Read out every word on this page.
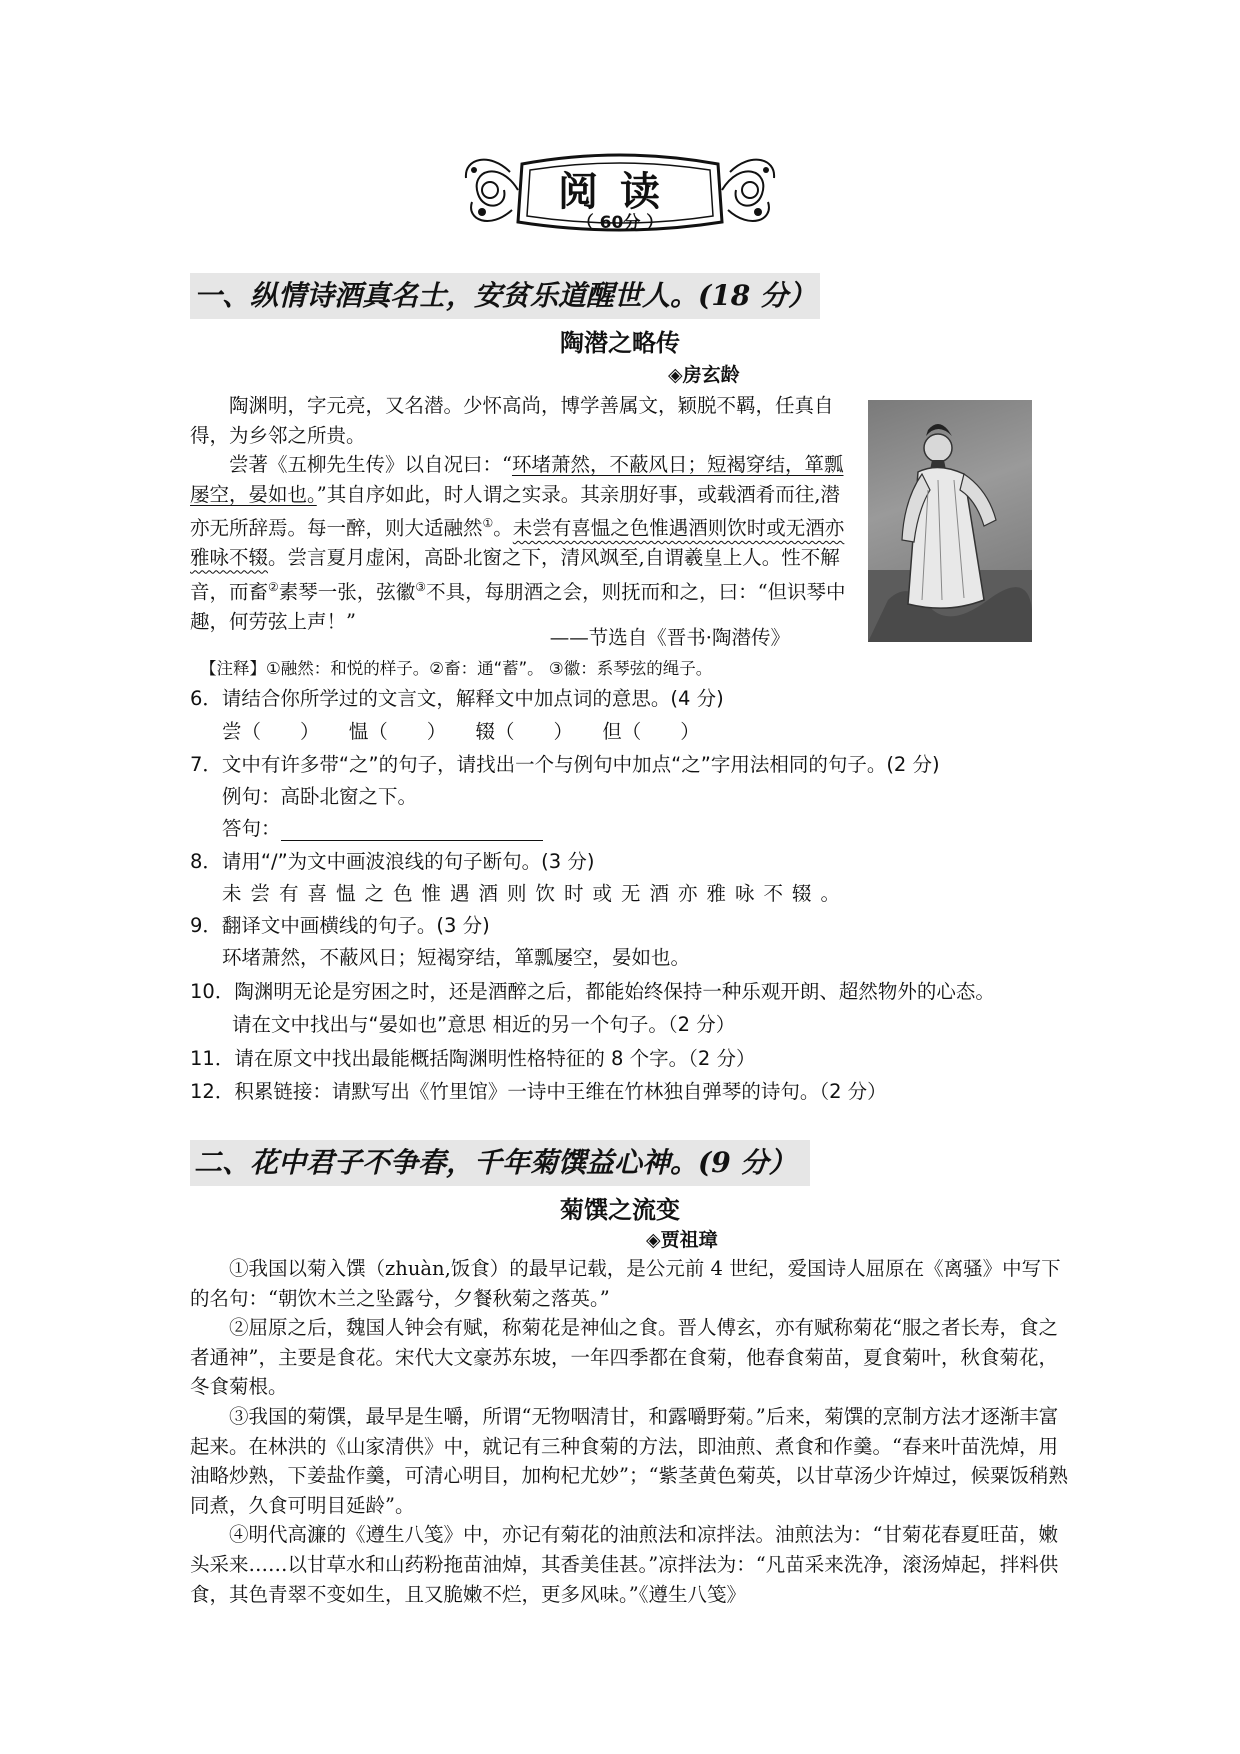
阅读
（ 60分 ）
一、纵情诗酒真名士，安贫乐道醒世人。(18 分）
陶潜之略传
◈房玄龄

陶渊明，字元亮，又名潜。少怀高尚，博学善属文，颖脱不羁，任真自得，为乡邻之所贵。

尝著《五柳先生传》以自况曰：“环堵萧然，不蔽风日；短褐穿结，箪瓢屡空，晏如也。”其自序如此，时人谓之实录。其亲朋好事，或载酒肴而往,潜亦无所辞焉。每一醉，则大适融然①。未尝有喜愠之色惟遇酒则饮时或无酒亦雅咏不辍。尝言夏月虚闲，高卧北窗之下，清风飒至,自谓羲皇上人。性不解音，而畜②素琴一张，弦徽③不具，每朋酒之会，则抚而和之，曰：“但识琴中趣，何劳弦上声！”

——节选自《晋书·陶潜传》
【注释】①融然：和悦的样子。②畜：通“蓄”。 ③徽：系琴弦的绳子。
6．请结合你所学过的文言文，解释文中加点词的意思。(4 分)
尝（　　）　　愠（　　）　　辍（　　）　　但（　　）
7．文中有许多带“之”的句子，请找出一个与例句中加点“之”字用法相同的句子。(2 分)
例句：高卧北窗之下。
答句：
8．请用“/”为文中画波浪线的句子断句。(3 分)
未尝有喜愠之色惟遇酒则饮时或无酒亦雅咏不辍。
9．翻译文中画横线的句子。(3 分)
环堵萧然，不蔽风日；短褐穿结，箪瓢屡空，晏如也。
10．陶渊明无论是穷困之时，还是酒醉之后，都能始终保持一种乐观开朗、超然物外的心态。
请在文中找出与“晏如也”意思 相近的另一个句子。（2 分）
11．请在原文中找出最能概括陶渊明性格特征的 8 个字。（2 分）
12．积累链接：请默写出《竹里馆》一诗中王维在竹林独自弹琴的诗句。（2 分）
二、花中君子不争春，千年菊馔益心神。(9 分）
菊馔之流变
◈贾祖璋

①我国以菊入馔（zhuàn,饭食）的最早记载，是公元前 4 世纪，爱国诗人屈原在《离骚》中写下的名句：“朝饮木兰之坠露兮，夕餐秋菊之落英。”

②屈原之后，魏国人钟会有赋，称菊花是神仙之食。晋人傅玄，亦有赋称菊花“服之者长寿，食之者通神”，主要是食花。宋代大文豪苏东坡，一年四季都在食菊，他春食菊苗，夏食菊叶，秋食菊花，冬食菊根。

③我国的菊馔，最早是生嚼，所谓“无物咽清甘，和露嚼野菊。”后来，菊馔的烹制方法才逐渐丰富起来。在林洪的《山家清供》中，就记有三种食菊的方法，即油煎、煮食和作羹。“春来叶苗洗焯，用油略炒熟，下姜盐作羹，可清心明目，加枸杞尤妙”；“紫茎黄色菊英，以甘草汤少许焯过，候粟饭稍熟同煮，久食可明目延龄”。

④明代高濂的《遵生八笺》中，亦记有菊花的油煎法和凉拌法。油煎法为：“甘菊花春夏旺苗，嫩头采来……以甘草水和山药粉拖苗油焯，其香美佳甚。”凉拌法为：“凡苗采来洗净，滚汤焯起，拌料供食，其色青翠不变如生，且又脆嫩不烂，更多风味。”《遵生八笺》
